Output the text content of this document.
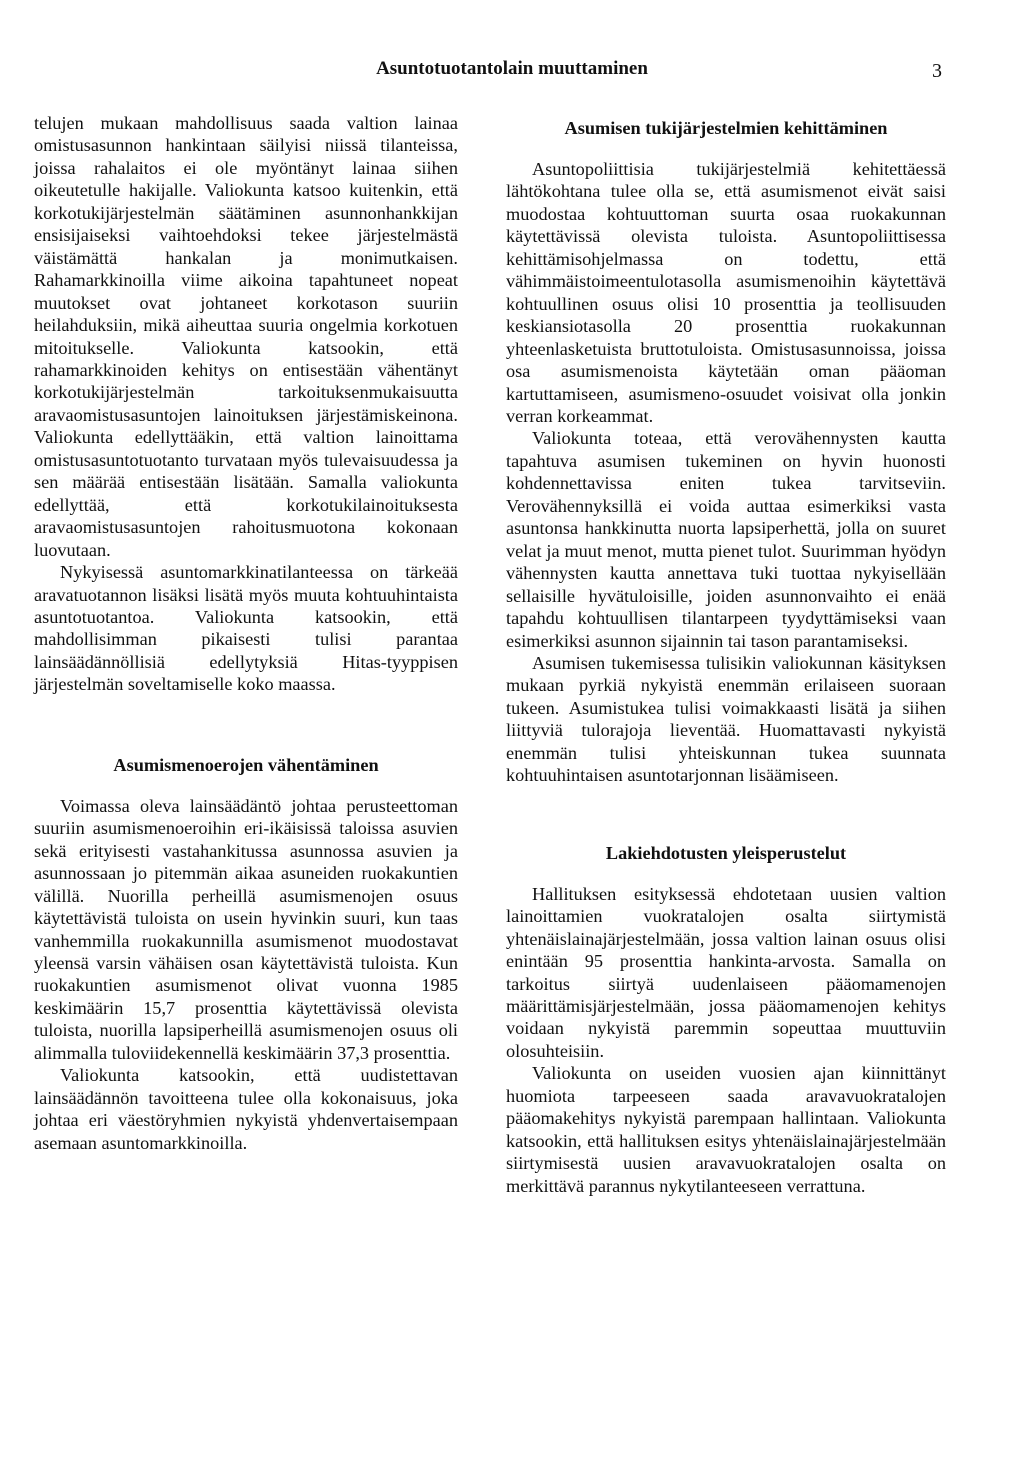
Asuntotuotantolain muuttaminen	3

telujen mukaan mahdollisuus saada valtion lainaa omistusasunnon hankintaan säilyisi niissä tilanteissa, joissa rahalaitos ei ole myöntänyt lainaa siihen oikeutetulle hakijalle. Valiokunta katsoo kuitenkin, että korkotukijärjestelmän säätäminen asunnonhankkijan ensisijaiseksi vaihtoehdoksi tekee järjestelmästä väistämättä hankalan ja monimutkaisen. Rahamarkkinoilla viime aikoina tapahtuneet nopeat muutokset ovat johtaneet korkotason suuriin heilahduksiin, mikä aiheuttaa suuria ongelmia korkotuen mitoitukselle. Valiokunta katsookin, että rahamarkkinoiden kehitys on entisestään vähentänyt korkotukijärjestelmän tarkoituksenmukaisuutta aravaomistusasuntojen lainoituksen järjestämiskeinona. Valiokunta edellyttääkin, että valtion lainoittama omistusasuntotuotanto turvataan myös tulevaisuudessa ja sen määrää entisestään lisätään. Samalla valiokunta edellyttää, että korkotukilainoituksesta aravaomistusasuntojen rahoitusmuotona kokonaan luovutaan.

Nykyisessä asuntomarkkinatilanteessa on tärkeää aravatuotannon lisäksi lisätä myös muuta kohtuuhintaista asuntotuotantoa. Valiokunta katsookin, että mahdollisimman pikaisesti tulisi parantaa lainsäädännöllisiä edellytyksiä Hitas-tyyppisen järjestelmän soveltamiselle koko maassa.

Asumismenoerojen vähentäminen

Voimassa oleva lainsäädäntö johtaa perusteettoman suuriin asumismenoeroihin eri-ikäisissä taloissa asuvien sekä erityisesti vastahankitussa asunnossa asuvien ja asunnossaan jo pitemmän aikaa asuneiden ruokakuntien välillä. Nuorilla perheillä asumismenojen osuus käytettävistä tuloista on usein hyvinkin suuri, kun taas vanhemmilla ruokakunnilla asumismenot muodostavat yleensä varsin vähäisen osan käytettävistä tuloista. Kun ruokakuntien asumismenot olivat vuonna 1985 keskimäärin 15,7 prosenttia käytettävissä olevista tuloista, nuorilla lapsiperheillä asumismenojen osuus oli alimmalla tuloviidekennellä keskimäärin 37,3 prosenttia.

Valiokunta katsookin, että uudistettavan lainsäädännön tavoitteena tulee olla kokonaisuus, joka johtaa eri väestöryhmien nykyistä yhdenvertaisempaan asemaan asuntomarkkinoilla.

Asumisen tukijärjestelmien kehittäminen

Asuntopoliittisia tukijärjestelmiä kehitettäessä lähtökohtana tulee olla se, että asumismenot eivät saisi muodostaa kohtuuttoman suurta osaa ruokakunnan käytettävissä olevista tuloista. Asuntopoliittisessa kehittämisohjelmassa on todettu, että vähimmäistoimeentulotasolla asumismenoihin käytettävä kohtuullinen osuus olisi 10 prosenttia ja teollisuuden keskiansiotasolla 20 prosenttia ruokakunnan yhteenlasketuista bruttotuloista. Omistusasunnoissa, joissa osa asumismenoista käytetään oman pääoman kartuttamiseen, asumismeno-osuudet voisivat olla jonkin verran korkeammat.

Valiokunta toteaa, että verovähennysten kautta tapahtuva asumisen tukeminen on hyvin huonosti kohdennettavissa eniten tukea tarvitseviin. Verovähennyksillä ei voida auttaa esimerkiksi vasta asuntonsa hankkinutta nuorta lapsiperhettä, jolla on suuret velat ja muut menot, mutta pienet tulot. Suurimman hyödyn vähennysten kautta annettava tuki tuottaa nykyisellään sellaisille hyvätuloisille, joiden asunnonvaihto ei enää tapahdu kohtuullisen tilantarpeen tyydyttämiseksi vaan esimerkiksi asunnon sijainnin tai tason parantamiseksi.

Asumisen tukemisessa tulisikin valiokunnan käsityksen mukaan pyrkiä nykyistä enemmän erilaiseen suoraan tukeen. Asumistukea tulisi voimakkaasti lisätä ja siihen liittyviä tulorajoja lieventää. Huomattavasti nykyistä enemmän tulisi yhteiskunnan tukea suunnata kohtuuhintaisen asuntotarjonnan lisäämiseen.

Lakiehdotusten yleisperustelut

Hallituksen esityksessä ehdotetaan uusien valtion lainoittamien vuokratalojen osalta siirtymistä yhtenäislainajärjestelmään, jossa valtion lainan osuus olisi enintään 95 prosenttia hankinta-arvosta. Samalla on tarkoitus siirtyä uudenlaiseen pääomamenojen määrittämisjärjestelmään, jossa pääomamenojen kehitys voidaan nykyistä paremmin sopeuttaa muuttuviin olosuhteisiin.

Valiokunta on useiden vuosien ajan kiinnittänyt huomiota tarpeeseen saada aravavuokratalojen pääomakehitys nykyistä parempaan hallintaan. Valiokunta katsookin, että hallituksen esitys yhtenäislainajärjestelmään siirtymisestä uusien aravavuokratalojen osalta on merkittävä parannus nykytilanteeseen verrattuna.
